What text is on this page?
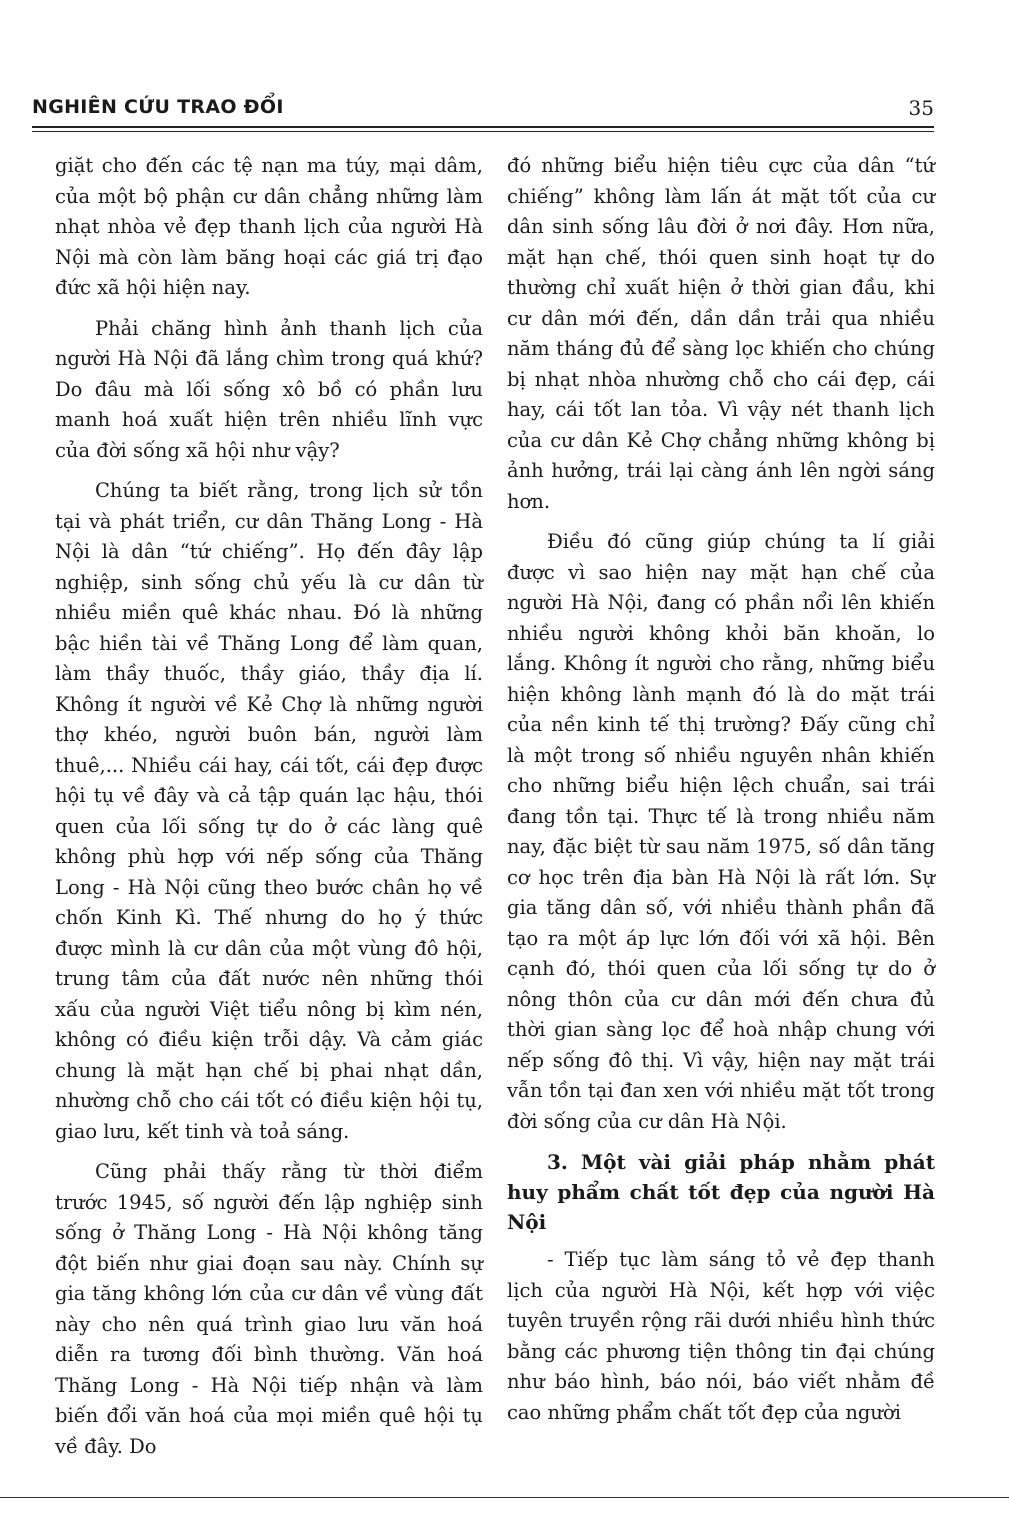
NGHIÊN CỨU TRAO ĐỔI	35

giặt cho đến các tệ nạn ma túy, mại dâm, của một bộ phận cư dân chẳng những làm nhạt nhòa vẻ đẹp thanh lịch của người Hà Nội mà còn làm băng hoại các giá trị đạo đức xã hội hiện nay.

Phải chăng hình ảnh thanh lịch của người Hà Nội đã lắng chìm trong quá khứ? Do đâu mà lối sống xô bồ có phần lưu manh hoá xuất hiện trên nhiều lĩnh vực của đời sống xã hội như vậy?

Chúng ta biết rằng, trong lịch sử tồn tại và phát triển, cư dân Thăng Long - Hà Nội là dân “tứ chiếng”. Họ đến đây lập nghiệp, sinh sống chủ yếu là cư dân từ nhiều miền quê khác nhau. Đó là những bậc hiền tài về Thăng Long để làm quan, làm thầy thuốc, thầy giáo, thầy địa lí. Không ít người về Kẻ Chợ là những người thợ khéo, người buôn bán, người làm thuê,... Nhiều cái hay, cái tốt, cái đẹp được hội tụ về đây và cả tập quán lạc hậu, thói quen của lối sống tự do ở các làng quê không phù hợp với nếp sống của Thăng Long - Hà Nội cũng theo bước chân họ về chốn Kinh Kì. Thế nhưng do họ ý thức được mình là cư dân của một vùng đô hội, trung tâm của đất nước nên những thói xấu của người Việt tiểu nông bị kìm nén, không có điều kiện trỗi dậy. Và cảm giác chung là mặt hạn chế bị phai nhạt dần, nhường chỗ cho cái tốt có điều kiện hội tụ, giao lưu, kết tinh và toả sáng.

Cũng phải thấy rằng từ thời điểm trước 1945, số người đến lập nghiệp sinh sống ở Thăng Long - Hà Nội không tăng đột biến như giai đoạn sau này. Chính sự gia tăng không lớn của cư dân về vùng đất này cho nên quá trình giao lưu văn hoá diễn ra tương đối bình thường. Văn hoá Thăng Long - Hà Nội tiếp nhận và làm biến đổi văn hoá của mọi miền quê hội tụ về đây. Do

đó những biểu hiện tiêu cực của dân “tứ chiếng” không làm lấn át mặt tốt của cư dân sinh sống lâu đời ở nơi đây. Hơn nữa, mặt hạn chế, thói quen sinh hoạt tự do thường chỉ xuất hiện ở thời gian đầu, khi cư dân mới đến, dần dần trải qua nhiều năm tháng đủ để sàng lọc khiến cho chúng bị nhạt nhòa nhường chỗ cho cái đẹp, cái hay, cái tốt lan tỏa. Vì vậy nét thanh lịch của cư dân Kẻ Chợ chẳng những không bị ảnh hưởng, trái lại càng ánh lên ngời sáng hơn.

Điều đó cũng giúp chúng ta lí giải được vì sao hiện nay mặt hạn chế của người Hà Nội, đang có phần nổi lên khiến nhiều người không khỏi băn khoăn, lo lắng. Không ít người cho rằng, những biểu hiện không lành mạnh đó là do mặt trái của nền kinh tế thị trường? Đấy cũng chỉ là một trong số nhiều nguyên nhân khiến cho những biểu hiện lệch chuẩn, sai trái đang tồn tại. Thực tế là trong nhiều năm nay, đặc biệt từ sau năm 1975, số dân tăng cơ học trên địa bàn Hà Nội là rất lớn. Sự gia tăng dân số, với nhiều thành phần đã tạo ra một áp lực lớn đối với xã hội. Bên cạnh đó, thói quen của lối sống tự do ở nông thôn của cư dân mới đến chưa đủ thời gian sàng lọc để hoà nhập chung với nếp sống đô thị. Vì vậy, hiện nay mặt trái vẫn tồn tại đan xen với nhiều mặt tốt trong đời sống của cư dân Hà Nội.

3. Một vài giải pháp nhằm phát huy phẩm chất tốt đẹp của người Hà Nội

- Tiếp tục làm sáng tỏ vẻ đẹp thanh lịch của người Hà Nội, kết hợp với việc tuyên truyền rộng rãi dưới nhiều hình thức bằng các phương tiện thông tin đại chúng như báo hình, báo nói, báo viết nhằm đề cao những phẩm chất tốt đẹp của người
